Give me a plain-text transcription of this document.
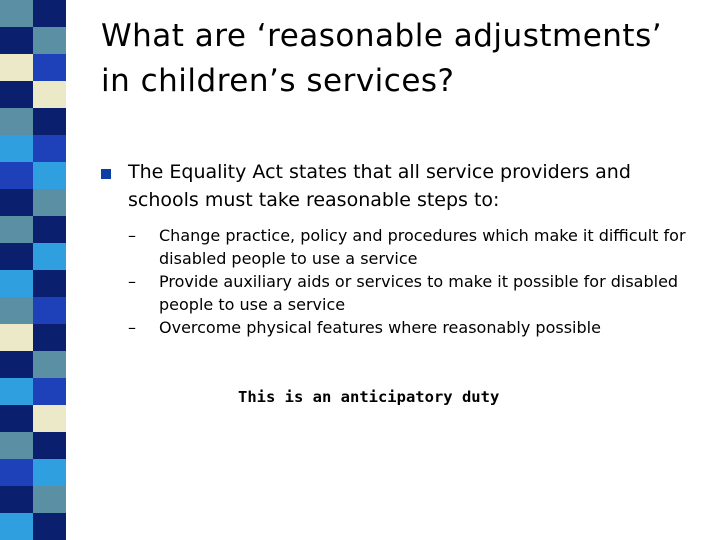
What are ‘reasonable adjustments’
in children’s services?
The Equality Act states that all service providers and schools must take reasonable steps to:
–	Change practice, policy and procedures which make it difficult for disabled people to use a service
–	Provide auxiliary aids or services to make it possible for disabled people to use a service
–	Overcome physical features where reasonably possible
This is an anticipatory duty
